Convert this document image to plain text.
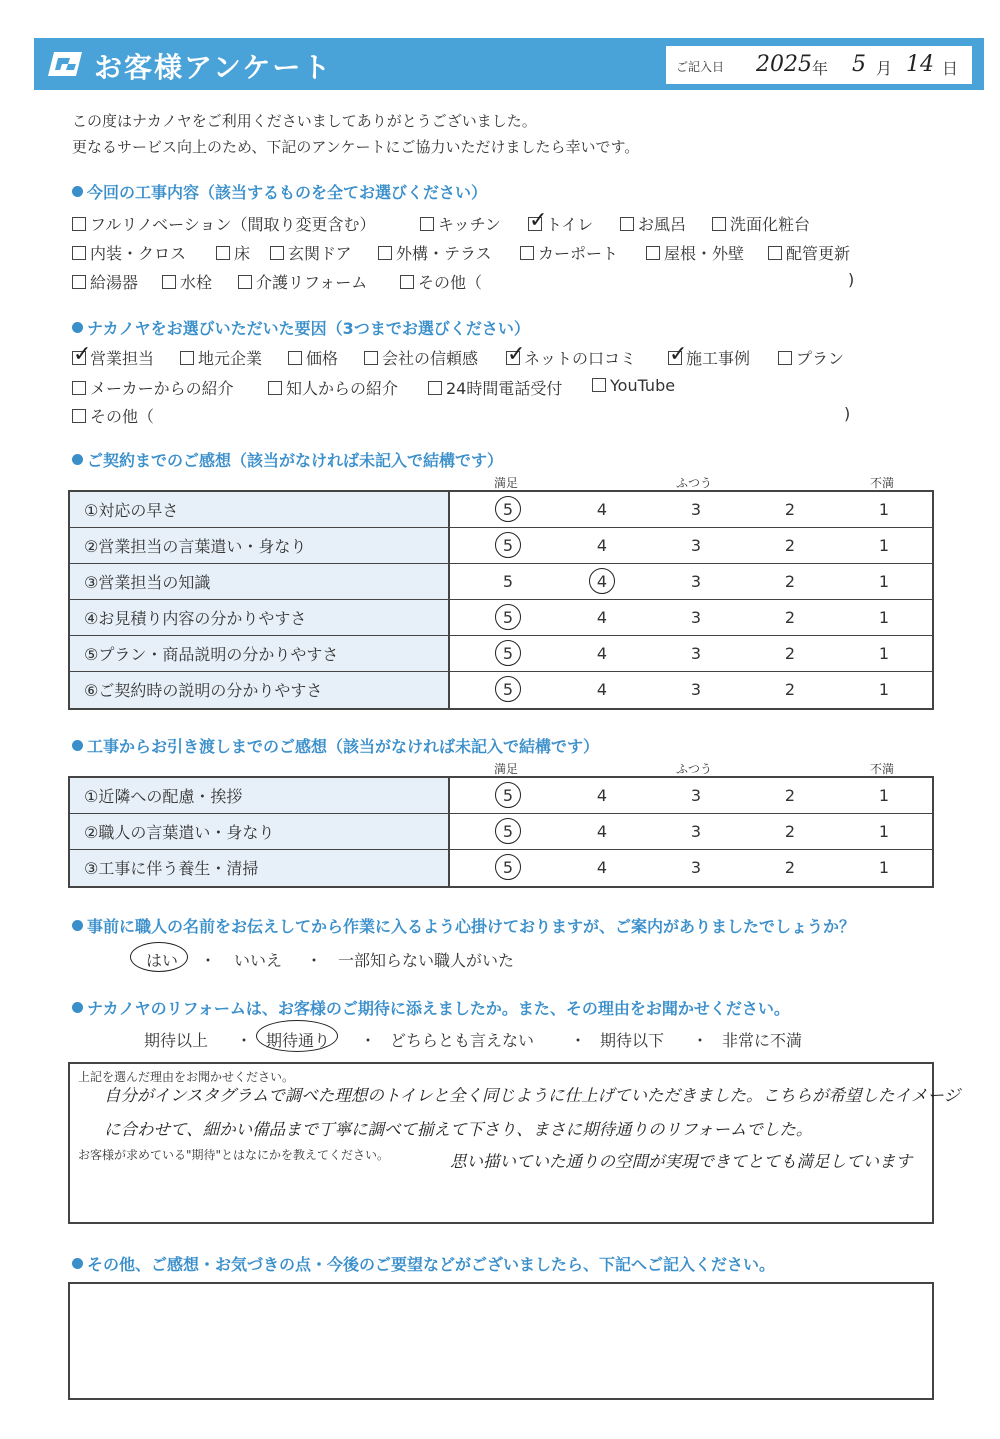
お客様アンケート	ご記入日 2025 年 5 月 14 日
この度はナカノヤをご利用くださいましてありがとうございました。
更なるサービス向上のため、下記のアンケートにご協力いただけましたら幸いです。
今回の工事内容（該当するものを全てお選びください）
フルリノベーション（間取り変更含む）	キッチン ✓
トイレ	お風呂	洗面化粧台
内装・クロス	床	玄関ドア	外構・テラス	カーポート	屋根・外壁	配管更新
給湯器	水栓	介護リフォーム	その他（	)
ナカノヤをお選びいただいた要因（3つまでお選びください）
✓
営業担当	地元企業	価格	会社の信頼感 ✓
ネットの口コミ ✓
施工事例	プラン
メーカーからの紹介	知人からの紹介	24時間電話受付	YouTube
その他（	)
ご契約までのご感想（該当がなければ未記入で結構です）
満足	ふつう	不満
①対応の早さ	5	4	3	2	1
②営業担当の言葉遣い・身なり	5	4	3	2	1
③営業担当の知識	5	4	3	2	1
④お見積り内容の分かりやすさ	5	4	3	2	1
⑤プラン・商品説明の分かりやすさ	5	4	3	2	1
⑥ご契約時の説明の分かりやすさ	5	4	3	2	1
工事からお引き渡しまでのご感想（該当がなければ未記入で結構です）
満足	ふつう	不満
①近隣への配慮・挨拶	5	4	3	2	1
②職人の言葉遣い・身なり	5	4	3	2	1
③工事に伴う養生・清掃	5	4	3	2	1
事前に職人の名前をお伝えしてから作業に入るよう心掛けておりますが、ご案内がありましたでしょうか？
はい ・ いいえ ・ 一部知らない職人がいた
ナカノヤのリフォームは、お客様のご期待に添えましたか。また、その理由をお聞かせください。
期待以上 ・ 期待通り ・ どちらとも言えない ・ 期待以下 ・ 非常に不満
上記を選んだ理由をお聞かせください。
お客様が求めている"期待"とはなにかを教えてください。
自分がインスタグラムで調べた理想のトイレと全く同じように仕上げていただきました。こちらが希望したイメージ
に合わせて、細かい備品まで丁寧に調べて揃えて下さり、まさに期待通りのリフォームでした。
思い描いていた通りの空間が実現できてとても満足しています
その他、ご感想・お気づきの点・今後のご要望などがございましたら、下記へご記入ください。
